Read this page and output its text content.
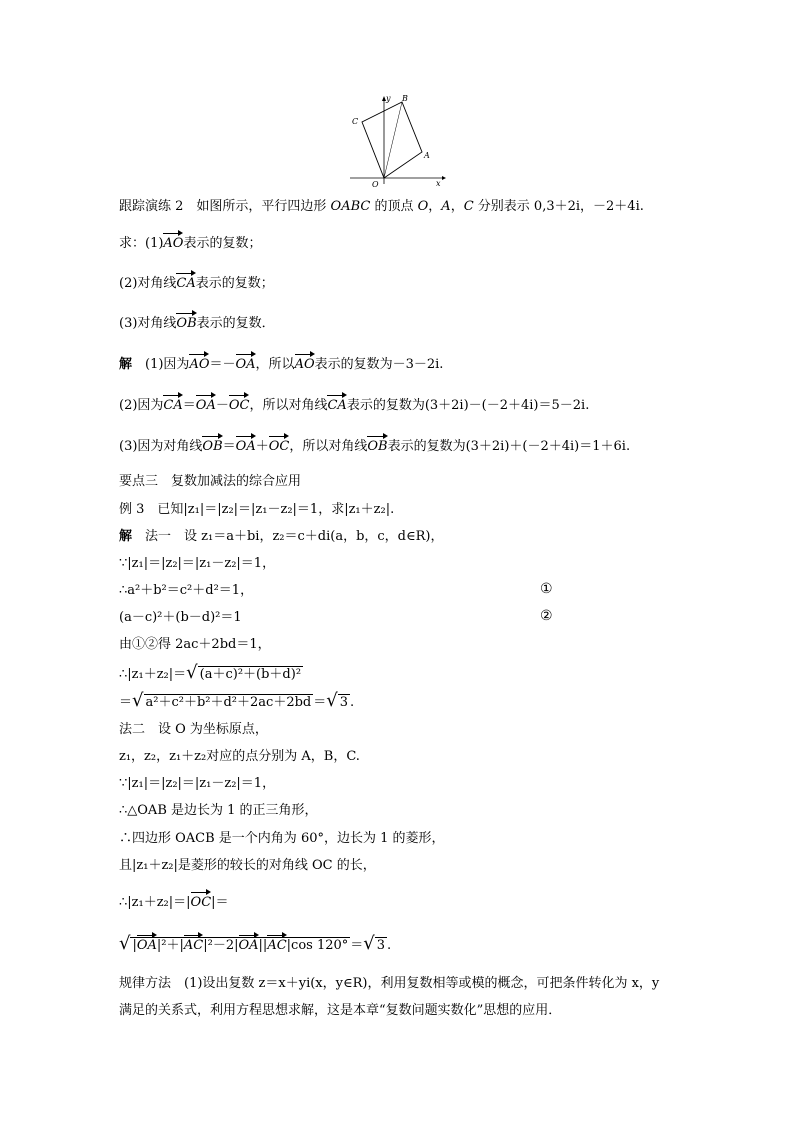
O
A
B
C
x
y
跟踪演练 2　如图所示，平行四边形 OABC 的顶点 O，A，C 分别表示 0,3＋2i，－2＋4i.
求：(1)AO表示的复数；
(2)对角线CA表示的复数；
(3)对角线OB表示的复数．
解　(1)因为AO＝－OA，所以AO表示的复数为－3－2i.
(2)因为CA＝OA－OC，所以对角线CA表示的复数为(3＋2i)－(－2＋4i)＝5－2i.
(3)因为对角线OB＝OA＋OC，所以对角线OB表示的复数为(3＋2i)＋(－2＋4i)＝1＋6i.
要点三　复数加减法的综合应用
例 3　已知|z₁|＝|z₂|＝|z₁－z₂|＝1，求|z₁＋z₂|.
解　法一　设 z₁＝a＋bi，z₂＝c＋di(a，b，c，d∈R)，
∵|z₁|＝|z₂|＝|z₁－z₂|＝1，
∴a²＋b²＝c²＋d²＝1，	①
(a－c)²＋(b－d)²＝1	②
由①②得 2ac＋2bd＝1，
∴|z₁＋z₂|＝√ (a＋c)²＋(b＋d)²
＝√ a²＋c²＋b²＋d²＋2ac＋2bd ＝√ 3 .
法二　设 O 为坐标原点，
z₁，z₂，z₁＋z₂对应的点分别为 A，B，C.
∵|z₁|＝|z₂|＝|z₁－z₂|＝1，
∴△OAB 是边长为 1 的正三角形，
∴四边形 OACB 是一个内角为 60°，边长为 1 的菱形，
且|z₁＋z₂|是菱形的较长的对角线 OC 的长，
∴|z₁＋z₂|＝|OC|＝
√ |OA|²＋|AC|²－2|OA||AC|cos 120° ＝√ 3 .
规律方法　(1)设出复数 z＝x＋yi(x，y∈R)，利用复数相等或模的概念，可把条件转化为 x，y
满足的关系式，利用方程思想求解，这是本章“复数问题实数化”思想的应用．
